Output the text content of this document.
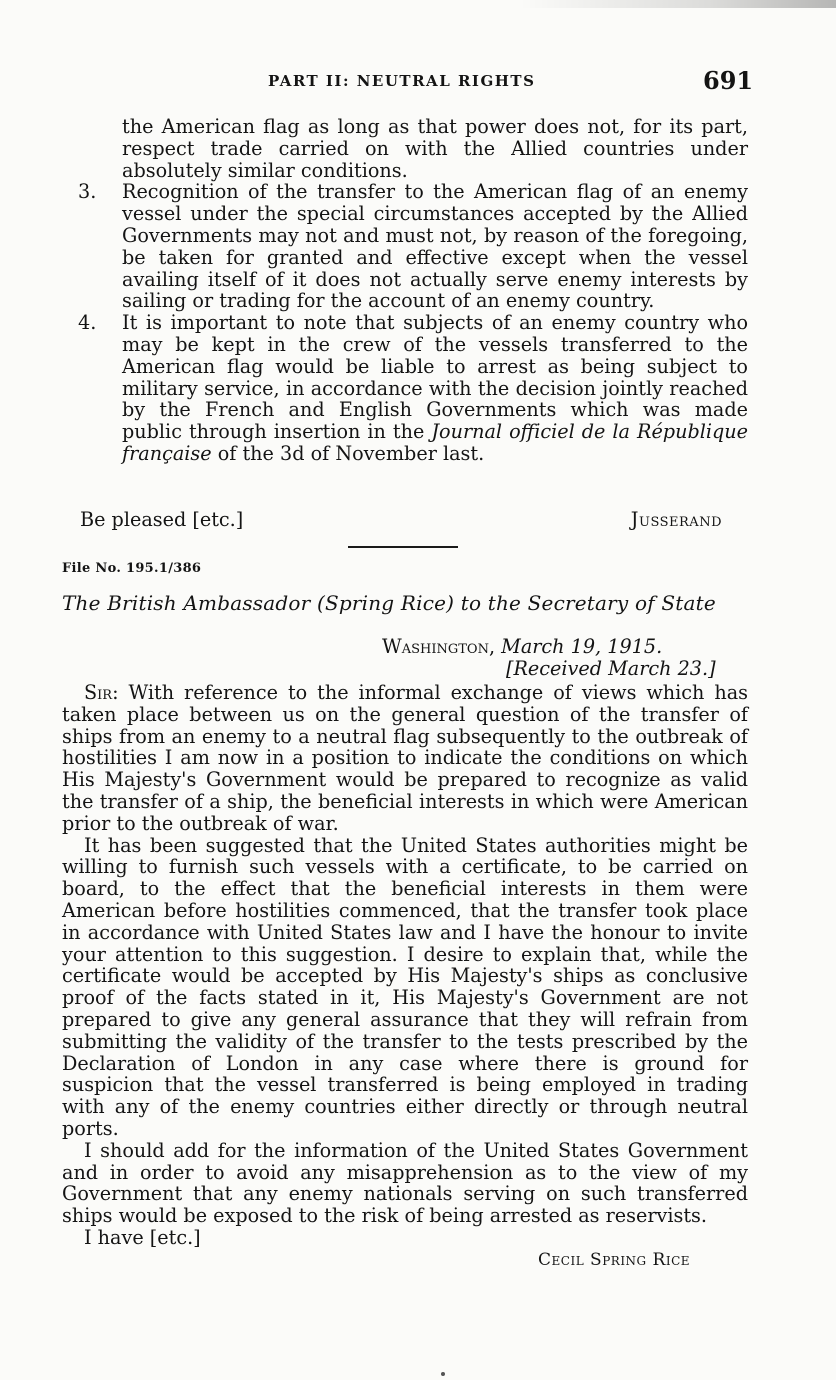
PART II: NEUTRAL RIGHTS	691

the American flag as long as that power does not, for its part, respect trade carried on with the Allied countries under absolutely similar conditions.

3. Recognition of the transfer to the American flag of an enemy vessel under the special circumstances accepted by the Allied Governments may not and must not, by reason of the foregoing, be taken for granted and effective except when the vessel availing itself of it does not actually serve enemy interests by sailing or trading for the account of an enemy country.
4. It is important to note that subjects of an enemy country who may be kept in the crew of the vessels transferred to the American flag would be liable to arrest as being subject to military service, in accordance with the decision jointly reached by the French and English Governments which was made public through insertion in the Journal officiel de la République française of the 3d of November last.
Be pleased [etc.]	Jusserand
File No. 195.1/386
The British Ambassador (Spring Rice) to the Secretary of State
Washington, March 19, 1915.
[Received March 23.]

Sir: With reference to the informal exchange of views which has taken place between us on the general question of the transfer of ships from an enemy to a neutral flag subsequently to the outbreak of hostilities I am now in a position to indicate the conditions on which His Majesty's Government would be prepared to recognize as valid the transfer of a ship, the beneficial interests in which were American prior to the outbreak of war.

It has been suggested that the United States authorities might be willing to furnish such vessels with a certificate, to be carried on board, to the effect that the beneficial interests in them were American before hostilities commenced, that the transfer took place in accordance with United States law and I have the honour to invite your attention to this suggestion. I desire to explain that, while the certificate would be accepted by His Majesty's ships as conclusive proof of the facts stated in it, His Majesty's Government are not prepared to give any general assurance that they will refrain from submitting the validity of the transfer to the tests prescribed by the Declaration of London in any case where there is ground for suspicion that the vessel transferred is being employed in trading with any of the enemy countries either directly or through neutral ports.

I should add for the information of the United States Government and in order to avoid any misapprehension as to the view of my Government that any enemy nationals serving on such transferred ships would be exposed to the risk of being arrested as reservists.

I have [etc.]
Cecil Spring Rice
